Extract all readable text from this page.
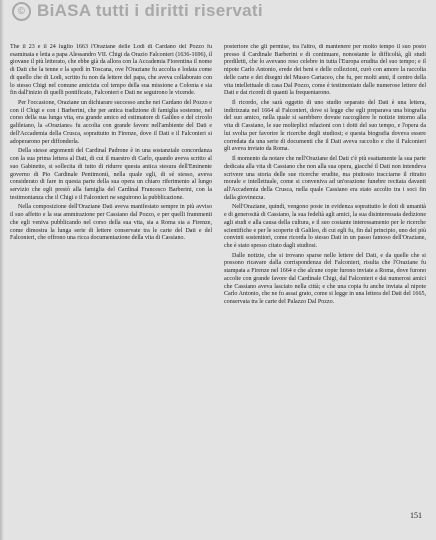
© BiASA tutti i diritti riservati

The il 23 e il 24 luglio 1663 l'Oraziane delle Lodi di Cardano del Pozzo fu esaminata e letta a papa Alessandro VII. Chigi da Orazio Falconieri (1636-1696), il giovane il più letterato, che ebbe già da allora con la Accademia Fiorentina il nome di Dati che la tenne e la spedì in Toscana, ove l'Oraziane fu accolta e lodata come di quello che di Lodi, scritto fu non da lettere del papa, che aveva collaborato con lo stesso Chigi nel comune amicizia col tempo della sua missione a Colonia e sia fin dall'inizio di quelli pontificato, Falconieri e Dati ne seguirono le vicende.

Per l'occasione, Oraziane un dichiarare successo anche nei Cardano del Pozzo e con il Chigi e con i Barberini, che per antica tradizione di famiglia sostenne, nel corso della sua lunga vita, era grande amico ed estimatore di Galileo e del circolo galileiano, la «Oraziane» fu accolta con grande favore nell'ambiente del Dati e dell'Accademia della Crusca, soprattutto in Firenze, dove il Dati e il Falconieri si adoperarono per diffonderla.

Della stesse argomenti del Cardinal Padrone è in una sostanziale concordanza con la sua prima lettera al Dati, di cui il maestro di Carlo, quando aveva scritto al suo Gabinetto, si sollecita di tutto di ridurre questa antica stesura dell'Eminente governo di Pio Cardinale Pentimontì, nella quale egli, di sé stesso, aveva considerato di fare in questa parte della sua opera un chiaro riferimento al lungo servizio che egli prestò alla famiglia del Cardinal Francesco Barberini, con la testimonianza che il Chigi e il Falconieri ne seguirono la pubblicazione.

Nella composizione dell'Oraziane Dati aveva manifestato sempre in più avviso il suo affetto e la sua ammirazione per Cassiano dal Pozzo, e per quelli frammenti che egli veniva pubblicando nel corso della sua vita, sia a Roma sia a Firenze, come dimostra la lunga serie di lettere conservate tra le carte del Dati e del Falconieri, che offrono una ricca documentazione della vita di Cassiano.

posteriore che gli permise, tra l'altro, di mantenere per molto tempo il suo posto presso il Cardinale Barberini e di continuare, nonostante le difficoltà, gli studi prediletti, che lo avevano reso celebre in tutta l'Europa erudita del suo tempo; e il nipote Carlo Antonio, erede dei beni e delle collezioni, curò con amore la raccolta delle carte e dei disegni del Museo Cartaceo, che fu, per molti anni, il centro della vita intellettuale di casa Dal Pozzo, come è testimoniato dalle numerose lettere del Dati e dai ricordi di quanti la frequentarono.

Il ricordo, che sarà oggetto di uno studio separato del Dati è una lettera, indirizzata nel 1664 al Falconieri, dove si legge che egli preparava una biografia del suo amico, nella quale si sarebbero dovute raccogliere le notizie intorno alla vita di Cassiano, le sue molteplici relazioni con i dotti del suo tempo, e l'opera da lui svolta per favorire le ricerche degli studiosi; e questa biografia doveva essere corredata da una serie di documenti che il Dati aveva raccolto e che il Falconieri gli aveva inviato da Roma.

Il momento da notare che nell'Oraziane del Dati c'è più esattamente la sua parte dedicata alla vita di Cassiano che non alla sua opera, giacché il Dati non intendeva scrivere una storia delle sue ricerche erudite, ma piuttosto tracciarne il ritratto morale e intellettuale, come si conveniva ad un'orazione funebre recitata davanti all'Accademia della Crusca, nella quale Cassiano era stato accolto tra i soci fin dalla giovinezza.

Nell'Oraziane, quindi, vengono poste in evidenza soprattutto le doti di umanità e di generosità di Cassiano, la sua fedeltà agli amici, la sua disinteressata dedizione agli studi e alla causa della cultura, e il suo costante interessamento per le ricerche scientifiche e per le scoperte di Galileo, di cui egli fu, fin dal principio, uno dei più convinti sostenitori, come ricorda lo stesso Dati in un passo famoso dell'Oraziane, che è stato spesso citato dagli studiosi.

Dalle notizie, che si trovano sparse nelle lettere del Dati, e da quelle che si possono ricavare dalla corrispondenza del Falconieri, risulta che l'Oraziane fu stampata a Firenze nel 1664 e che alcune copie furono inviate a Roma, dove furono accolte con grande favore dal Cardinale Chigi, dal Falconieri e dai numerosi amici che Cassiano aveva lasciato nella città; e che una copia fu anche inviata al nipote Carlo Antonio, che ne fu assai grato, come si legge in una lettera del Dati del 1665, conservata tra le carte del Palazzo Dal Pozzo.

151
